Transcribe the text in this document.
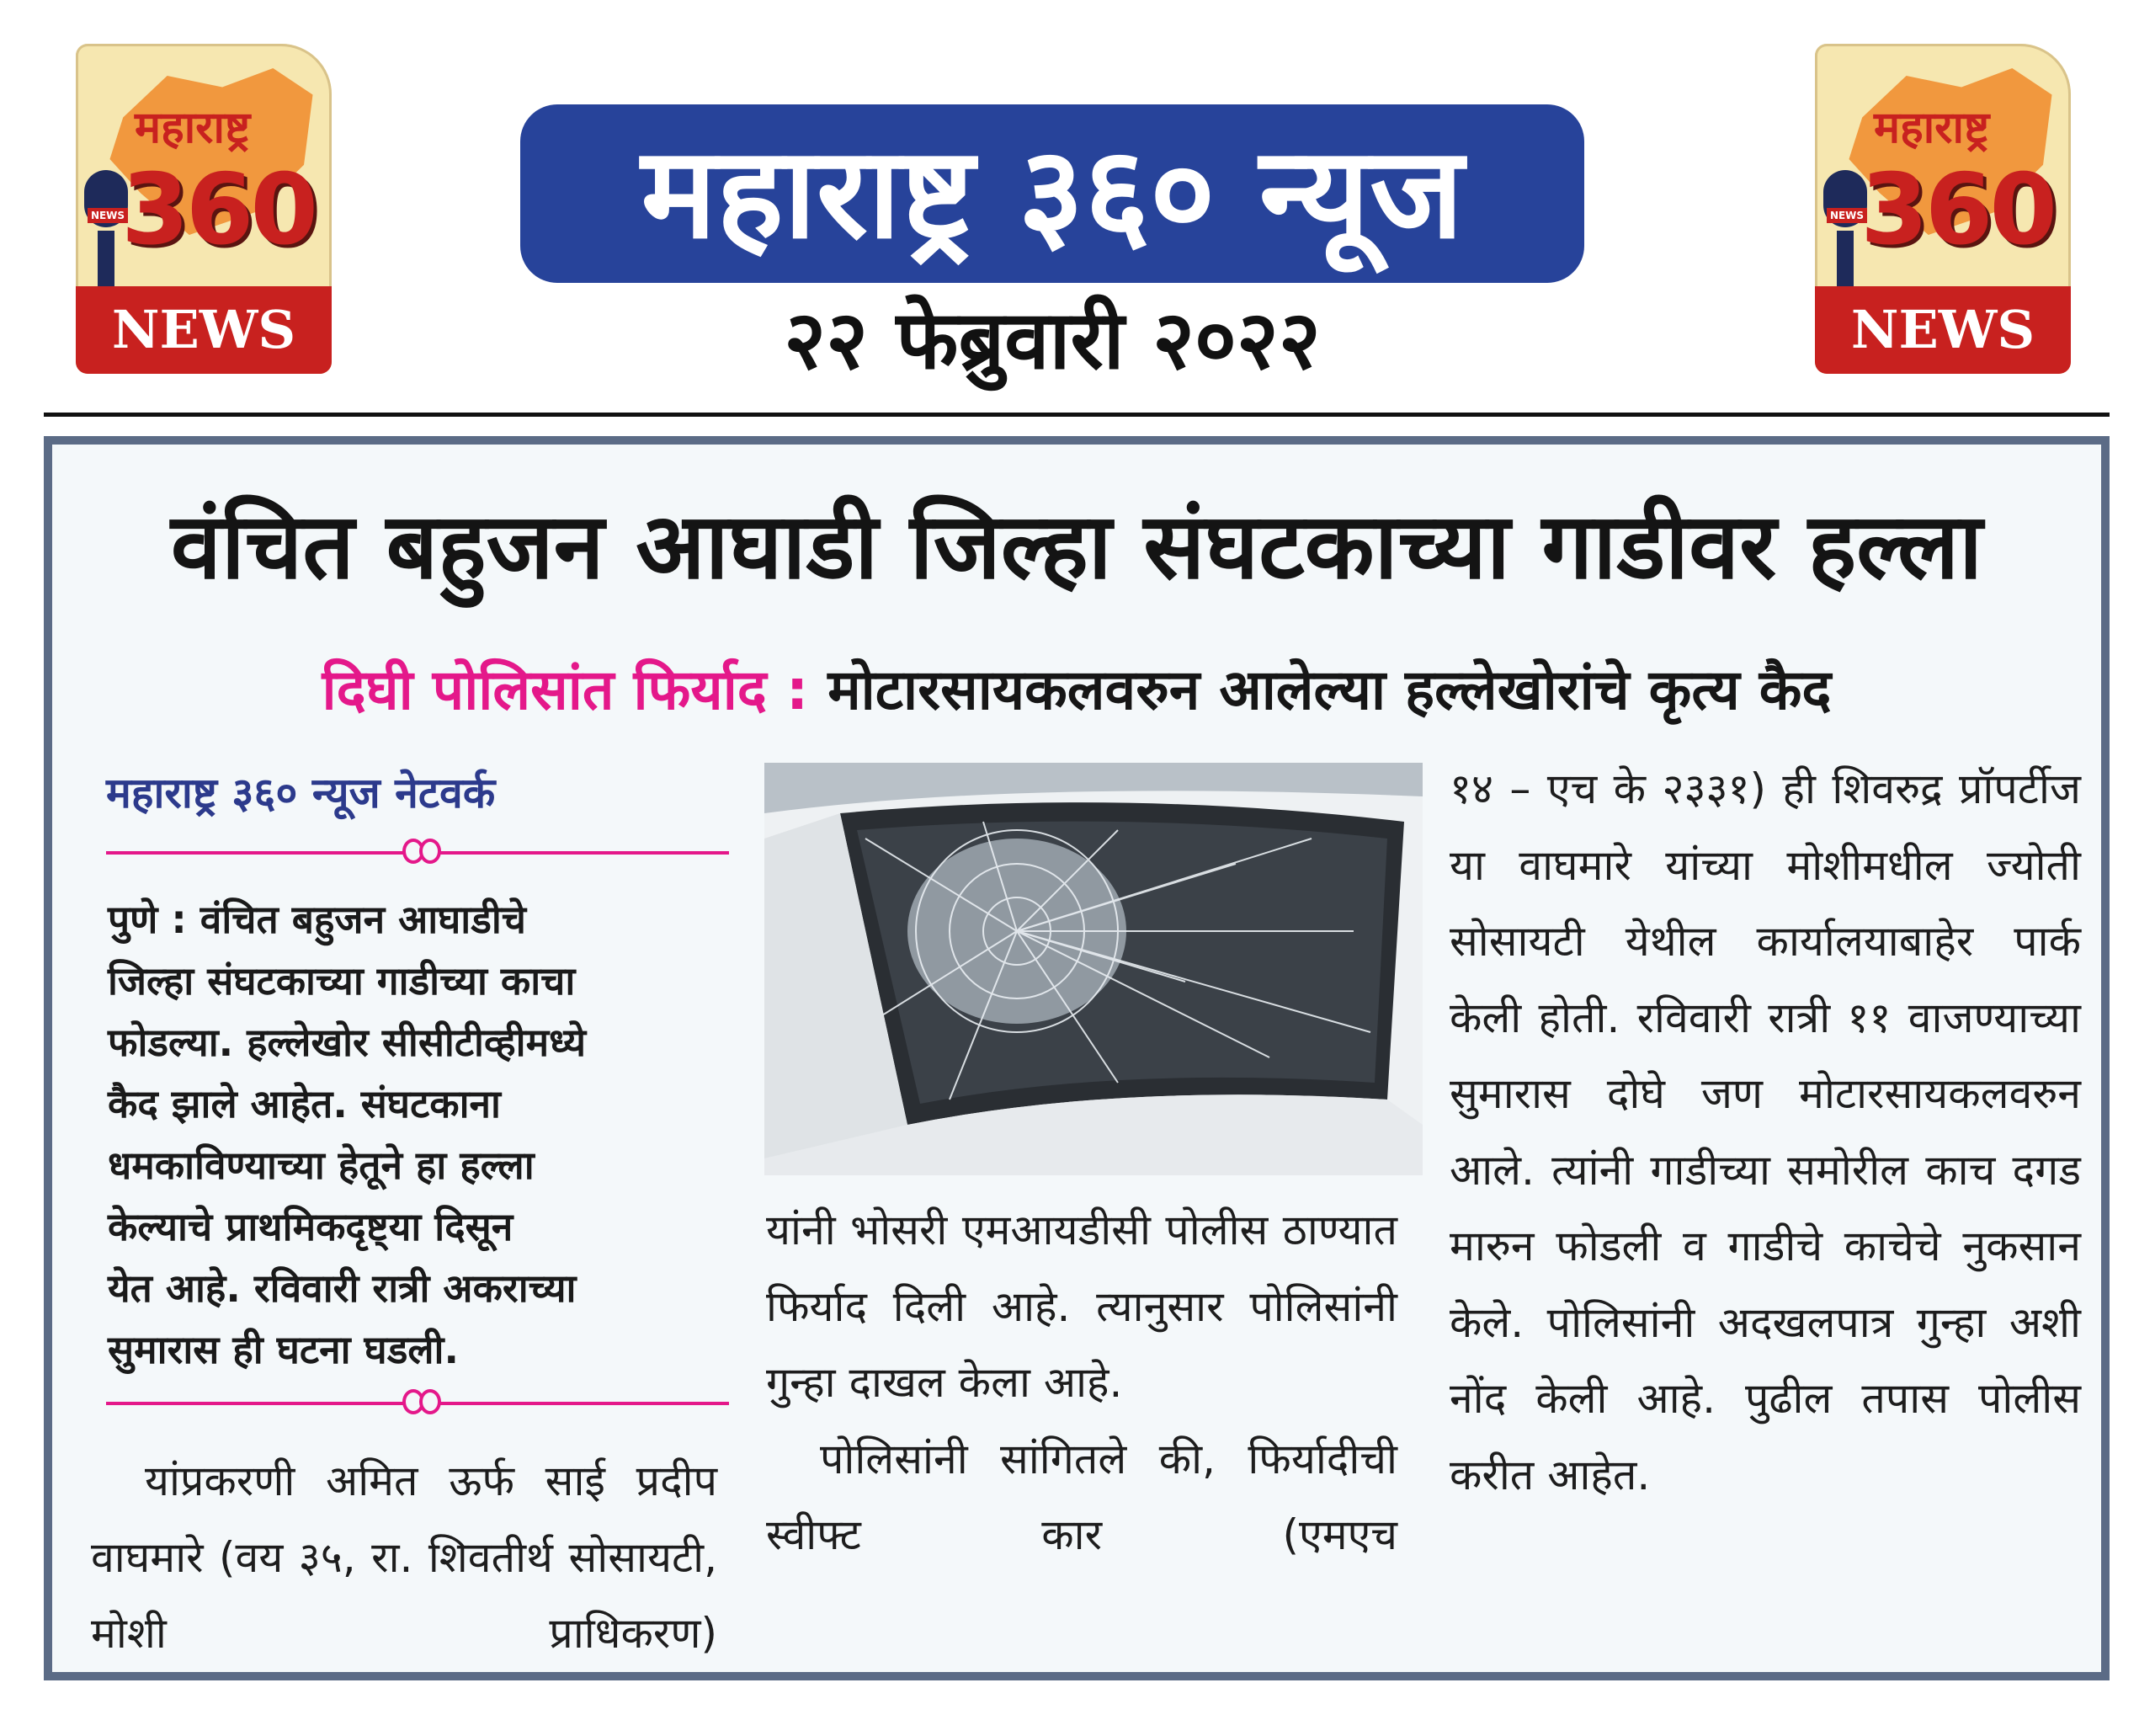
NEWS
महाराष्ट्र
360
NEWS
NEWS
महाराष्ट्र
360
NEWS
महाराष्ट्र ३६० न्यूज
२२ फेब्रुवारी २०२२
वंचित बहुजन आघाडी जिल्हा संघटकाच्या गाडीवर हल्ला
दिघी पोलिसांत फिर्याद : मोटारसायकलवरुन आलेल्या हल्लेखोरांचे कृत्य कैद
महाराष्ट्र ३६० न्यूज नेटवर्क
पुणे : वंचित बहुजन आघाडीचे
जिल्हा संघटकाच्या गाडीच्या काचा
फोडल्या. हल्लेखोर सीसीटीव्हीमध्ये
कैद झाले आहेत. संघटकाना
धमकाविण्याच्या हेतूने हा हल्ला
केल्याचे प्राथमिकदृष्ट्या दिसून
येत आहे. रविवारी रात्री अकराच्या
सुमारास ही घटना घडली.

यांप्रकरणी अमित ऊर्फ साई प्रदीप वाघमारे (वय ३५, रा. शिवतीर्थ सोसायटी, मोशी प्राधिकरण)

यांनी भोसरी एमआयडीसी पोलीस ठाण्यात फिर्याद दिली आहे. त्यानुसार पोलिसांनी गुन्हा दाखल केला आहे.

पोलिसांनी सांगितले की, फिर्यादीची स्वीफ्ट कार (एमएच

१४ – एच के २३३१) ही शिवरुद्र प्रॉपर्टीज या वाघमारे यांच्या मोशीमधील ज्योती सोसायटी येथील कार्यालयाबाहेर पार्क केली होती. रविवारी रात्री ११ वाजण्याच्या सुमारास दोघे जण मोटारसायकलवरुन आले. त्यांनी गाडीच्या समोरील काच दगड मारुन फोडली व गाडीचे काचेचे नुकसान केले. पोलिसांनी अदखलपात्र गुन्हा अशी नोंद केली आहे. पुढील तपास पोलीस करीत आहेत.
